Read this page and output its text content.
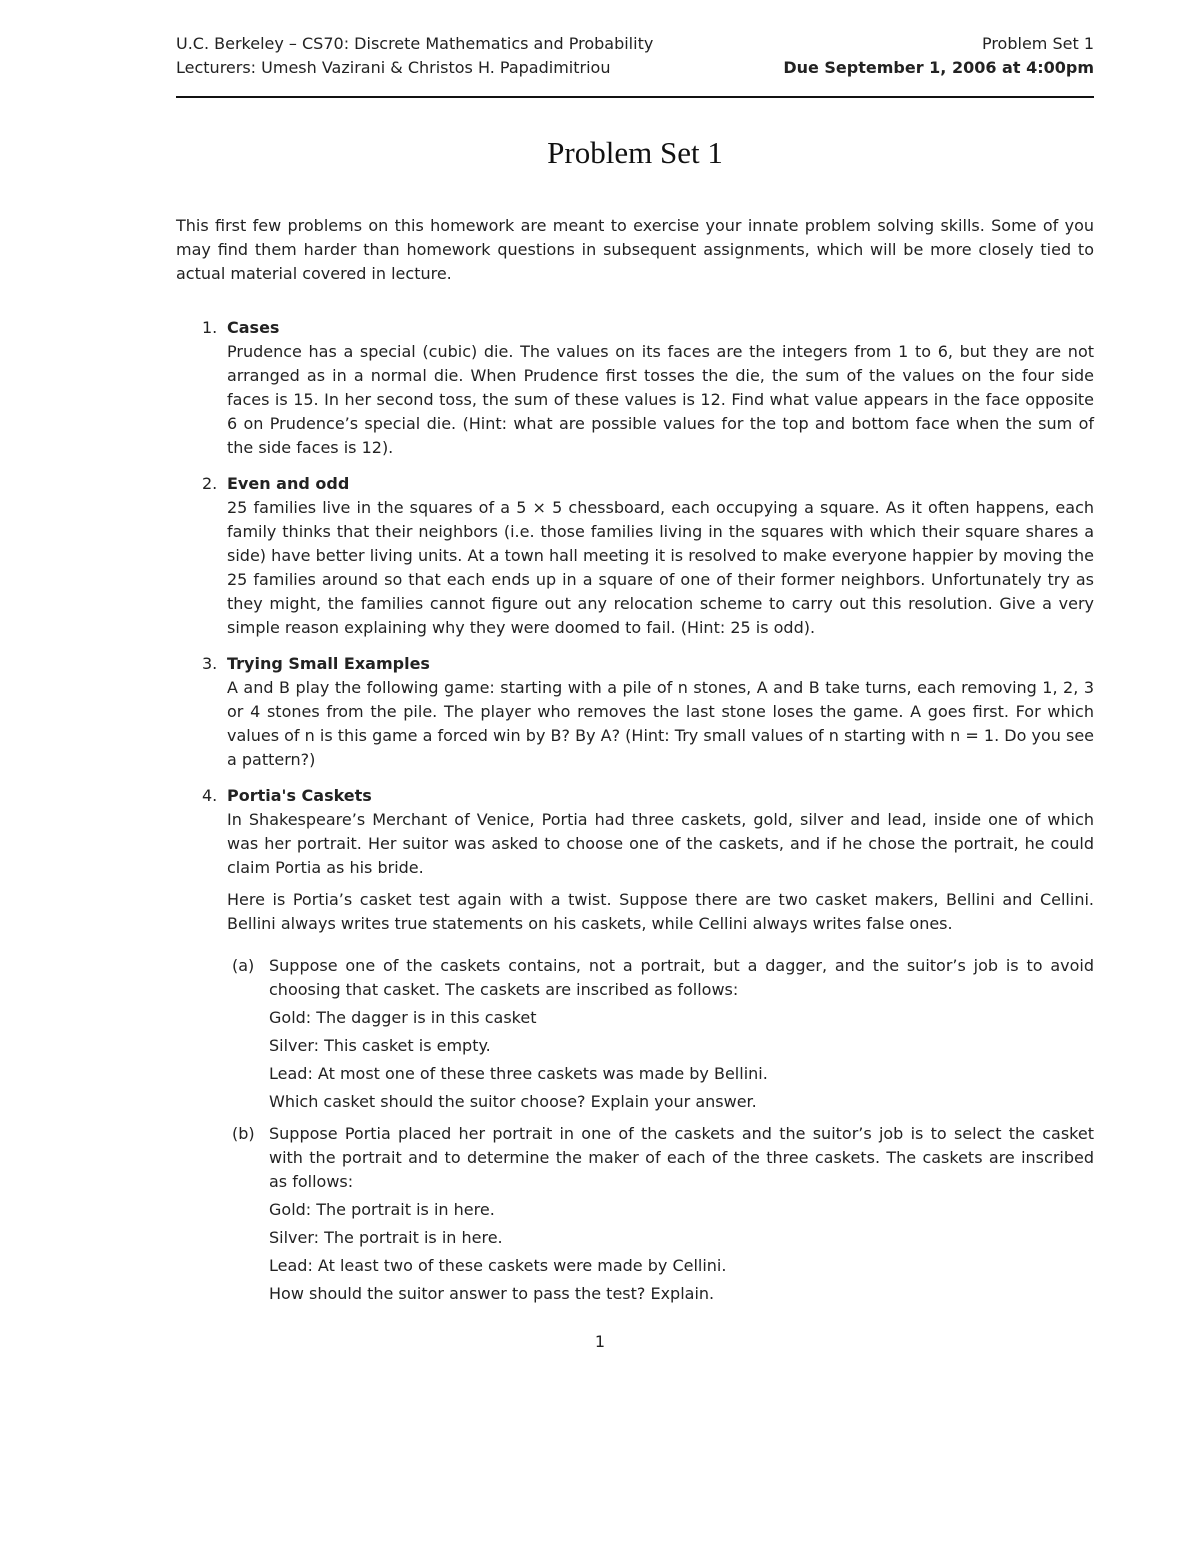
U.C. Berkeley – CS70: Discrete Mathematics and Probability
Lecturers: Umesh Vazirani & Christos H. Papadimitriou
Problem Set 1
Due September 1, 2006 at 4:00pm
Problem Set 1
This first few problems on this homework are meant to exercise your innate problem solving skills. Some of you may find them harder than homework questions in subsequent assignments, which will be more closely tied to actual material covered in lecture.
1. Cases
Prudence has a special (cubic) die. The values on its faces are the integers from 1 to 6, but they are not arranged as in a normal die. When Prudence first tosses the die, the sum of the values on the four side faces is 15. In her second toss, the sum of these values is 12. Find what value appears in the face opposite 6 on Prudence’s special die. (Hint: what are possible values for the top and bottom face when the sum of the side faces is 12).
2. Even and odd
25 families live in the squares of a 5 × 5 chessboard, each occupying a square. As it often happens, each family thinks that their neighbors (i.e. those families living in the squares with which their square shares a side) have better living units. At a town hall meeting it is resolved to make everyone happier by moving the 25 families around so that each ends up in a square of one of their former neighbors. Unfortunately try as they might, the families cannot figure out any relocation scheme to carry out this resolution. Give a very simple reason explaining why they were doomed to fail. (Hint: 25 is odd).
3. Trying Small Examples
A and B play the following game: starting with a pile of n stones, A and B take turns, each removing 1, 2, 3 or 4 stones from the pile. The player who removes the last stone loses the game. A goes first. For which values of n is this game a forced win by B? By A? (Hint: Try small values of n starting with n = 1. Do you see a pattern?)
4. Portia's Caskets
In Shakespeare’s Merchant of Venice, Portia had three caskets, gold, silver and lead, inside one of which was her portrait. Her suitor was asked to choose one of the caskets, and if he chose the portrait, he could claim Portia as his bride.
Here is Portia’s casket test again with a twist. Suppose there are two casket makers, Bellini and Cellini. Bellini always writes true statements on his caskets, while Cellini always writes false ones.
(a) Suppose one of the caskets contains, not a portrait, but a dagger, and the suitor’s job is to avoid choosing that casket. The caskets are inscribed as follows:
Gold: The dagger is in this casket
Silver: This casket is empty.
Lead: At most one of these three caskets was made by Bellini.
Which casket should the suitor choose? Explain your answer.
(b) Suppose Portia placed her portrait in one of the caskets and the suitor’s job is to select the casket with the portrait and to determine the maker of each of the three caskets. The caskets are inscribed as follows:
Gold: The portrait is in here.
Silver: The portrait is in here.
Lead: At least two of these caskets were made by Cellini.
How should the suitor answer to pass the test? Explain.
1
